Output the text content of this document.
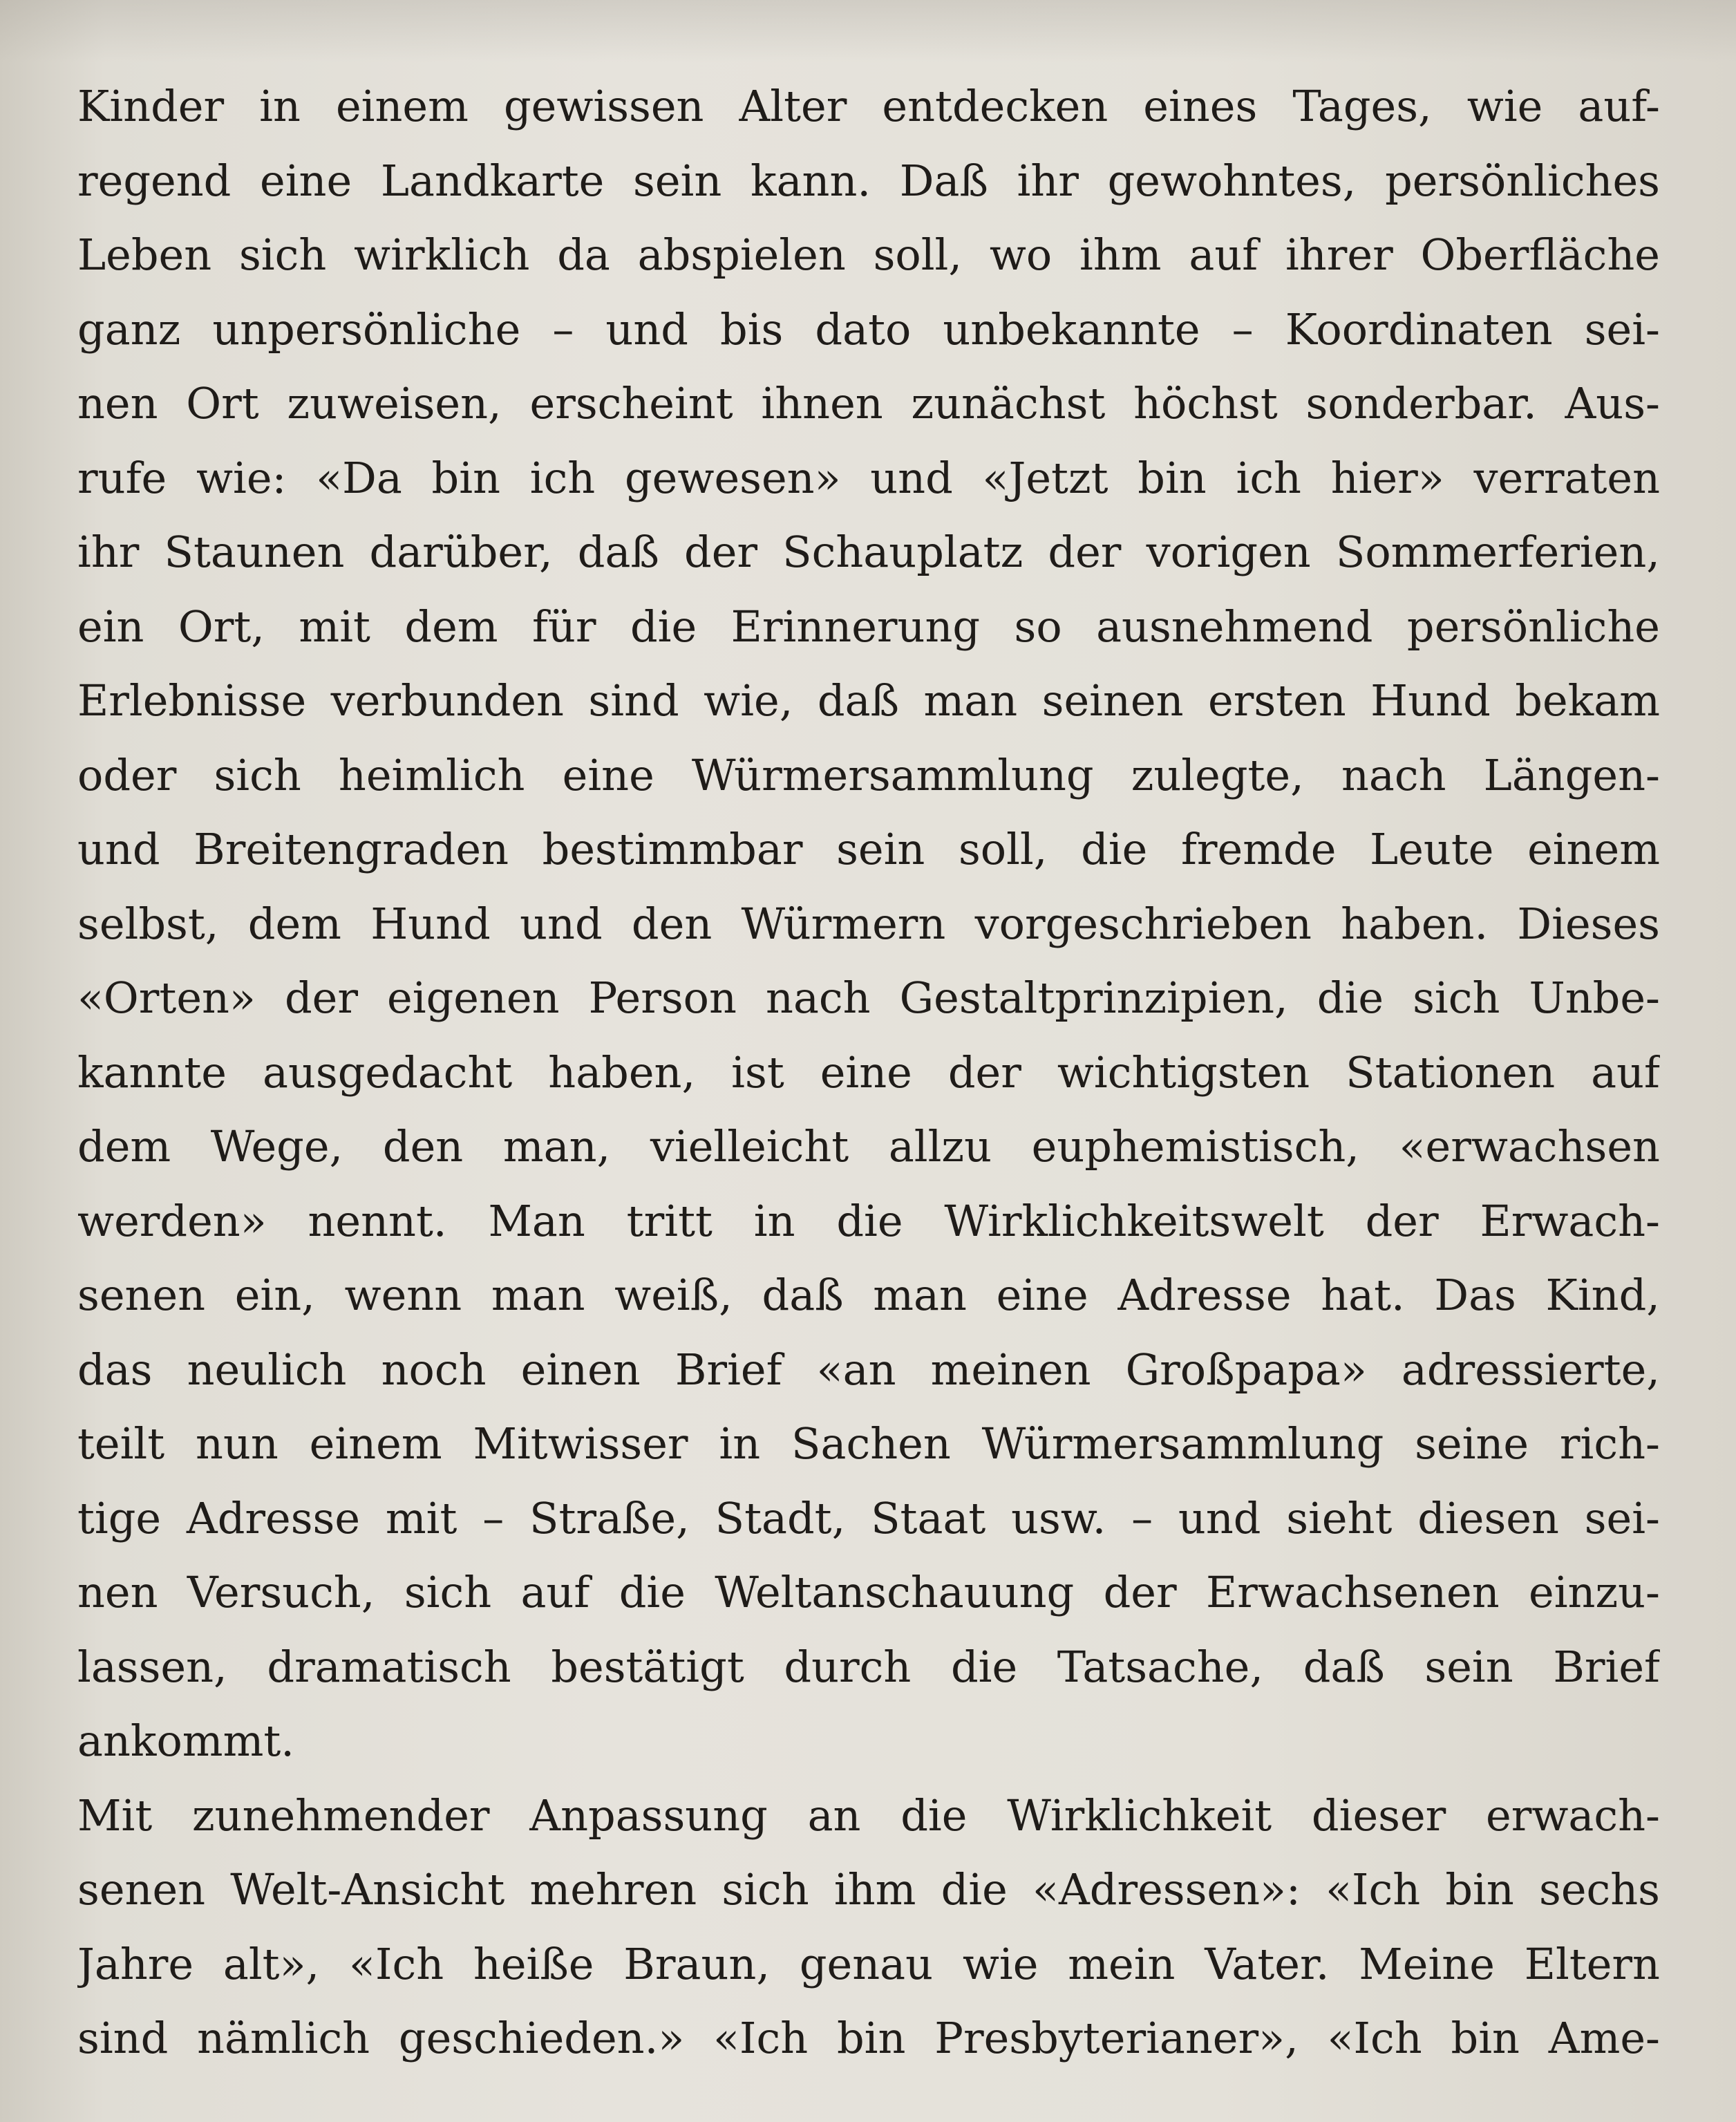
Kinder in einem gewissen Alter entdecken eines Tages, wie auf-
regend eine Landkarte sein kann. Daß ihr gewohntes, persönliches
Leben sich wirklich da abspielen soll, wo ihm auf ihrer Oberfläche
ganz unpersönliche – und bis dato unbekannte – Koordinaten sei-
nen Ort zuweisen, erscheint ihnen zunächst höchst sonderbar. Aus-
rufe wie: «Da bin ich gewesen» und «Jetzt bin ich hier» verraten
ihr Staunen darüber, daß der Schauplatz der vorigen Sommerferien,
ein Ort, mit dem für die Erinnerung so ausnehmend persönliche
Erlebnisse verbunden sind wie, daß man seinen ersten Hund bekam
oder sich heimlich eine Würmersammlung zulegte, nach Längen-
und Breitengraden bestimmbar sein soll, die fremde Leute einem
selbst, dem Hund und den Würmern vorgeschrieben haben. Dieses
«Orten» der eigenen Person nach Gestaltprinzipien, die sich Unbe-
kannte ausgedacht haben, ist eine der wichtigsten Stationen auf
dem Wege, den man, vielleicht allzu euphemistisch, «erwachsen
werden» nennt. Man tritt in die Wirklichkeitswelt der Erwach-
senen ein, wenn man weiß, daß man eine Adresse hat. Das Kind,
das neulich noch einen Brief «an meinen Großpapa» adressierte,
teilt nun einem Mitwisser in Sachen Würmersammlung seine rich-
tige Adresse mit – Straße, Stadt, Staat usw. – und sieht diesen sei-
nen Versuch, sich auf die Weltanschauung der Erwachsenen einzu-
lassen, dramatisch bestätigt durch die Tatsache, daß sein Brief
ankommt.
Mit zunehmender Anpassung an die Wirklichkeit dieser erwach-
senen Welt-Ansicht mehren sich ihm die «Adressen»: «Ich bin sechs
Jahre alt», «Ich heiße Braun, genau wie mein Vater. Meine Eltern
sind nämlich geschieden.» «Ich bin Presbyterianer», «Ich bin Ame-
